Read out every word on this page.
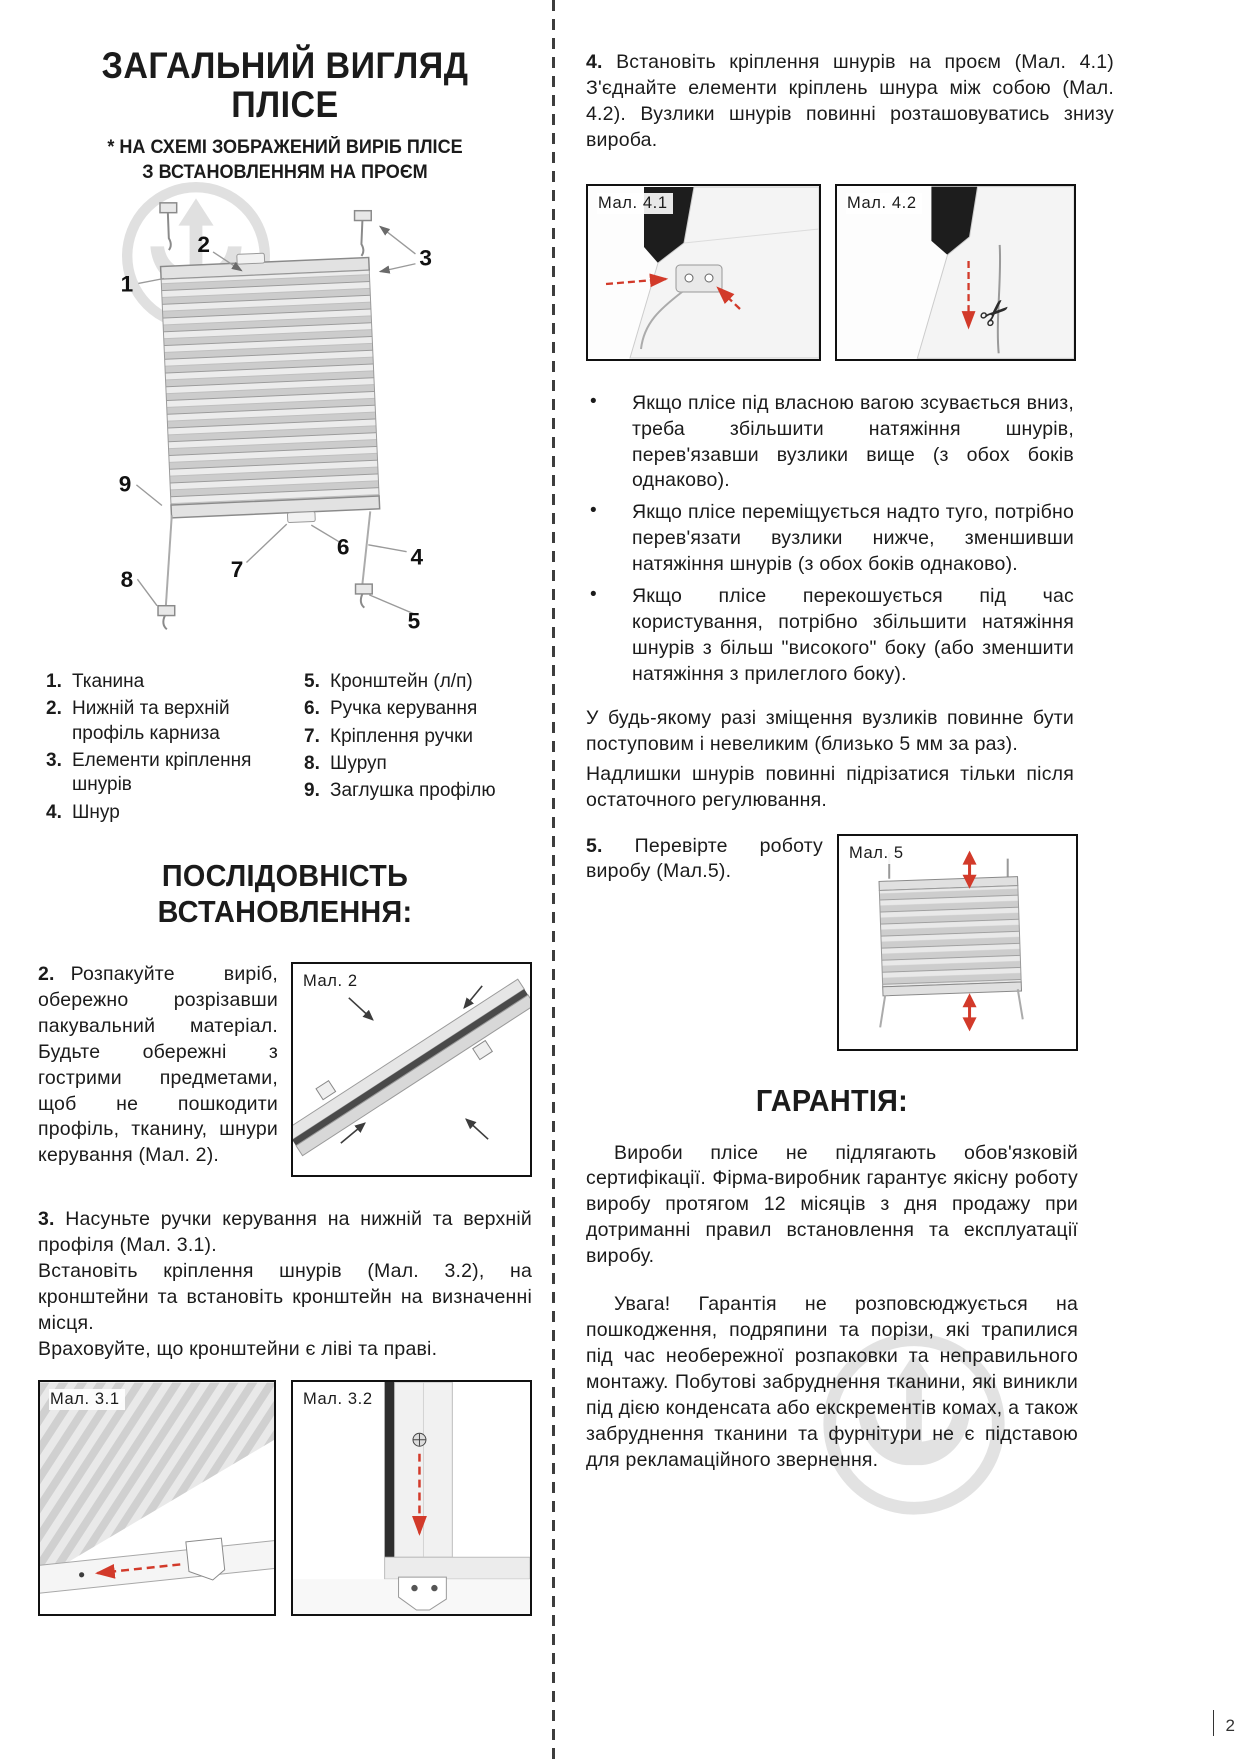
ЗАГАЛЬНИЙ ВИГЛЯД
ПЛІСЕ
* НА СХЕМІ ЗОБРАЖЕНИЙ ВИРІБ ПЛІСЕ
З ВСТАНОВЛЕННЯМ НА ПРОЄМ
1
2
3
4
5
6
7
8
9
1. Тканина
2. Нижній та верхній профіль карниза
3. Елементи кріплення шнурів
4. Шнур
5. Кронштейн (л/п)
6. Ручка керування
7. Кріплення ручки
8. Шуруп
9. Заглушка профілю
ПОСЛІДОВНІСТЬ ВСТАНОВЛЕННЯ:

2. Розпакуйте виріб, обережно розрізавши пакувальний матеріал. Будьте обережні з гострими предметами, щоб не пошкодити профіль, тканину, шнури керування (Мал. 2).

Мал. 2

3. Насуньте ручки керування на нижній та верхній профіля (Мал. 3.1).

Встановіть кріплення шнурів (Мал. 3.2), на кронштейни та встановіть кронштейн на визначенні місця.

Враховуйте, що кронштейни є ліві та праві.

Мал. 3.1	Мал. 3.2

4. Встановіть кріплення шнурів на проєм (Мал. 4.1) З'єднайте елементи кріплень шнура між собою (Мал. 4.2). Вузлики шнурів повинні розташовуватись знизу вироба.

Мал. 4.1	Мал. 4.2
✂
•	Якщо плісе під власною вагою зсувається вниз, треба збільшити натяжіння шнурів, перев'язавши вузлики вище (з обох боків однаково).
•	Якщо плісе переміщується надто туго, потрібно перев'язати вузлики нижче, зменшивши натяжіння шнурів (з обох боків однаково).
•	Якщо плісе перекошується під час користування, потрібно збільшити натяжіння шнурів з більш "високого" боку (або зменшити натяжіння з прилеглого боку).

У будь-якому разі зміщення вузликів повинне бути поступовим і невеликим (близько 5 мм за раз).

Надлишки шнурів повинні підрізатися тільки після остаточного регулювання.

5. Перевірте роботу виробу (Мал.5).

Мал. 5
ГАРАНТІЯ:

Вироби плісе не підлягають обов'язковій сертифікації. Фірма-виробник гарантує якісну роботу виробу протягом 12 місяців з дня продажу при дотриманні правил встановлення та експлуатації виробу.

Увага! Гарантія не розповсюджується на пошкодження, подряпини та порізи, які трапилися під час необережної розпаковки та неправильного монтажу. Побутові забруднення тканини, які виникли під дією конденсата або екскрементів комах, а також забруднення тканини та фурнітури не є підставою для рекламаційного звернення.

2
